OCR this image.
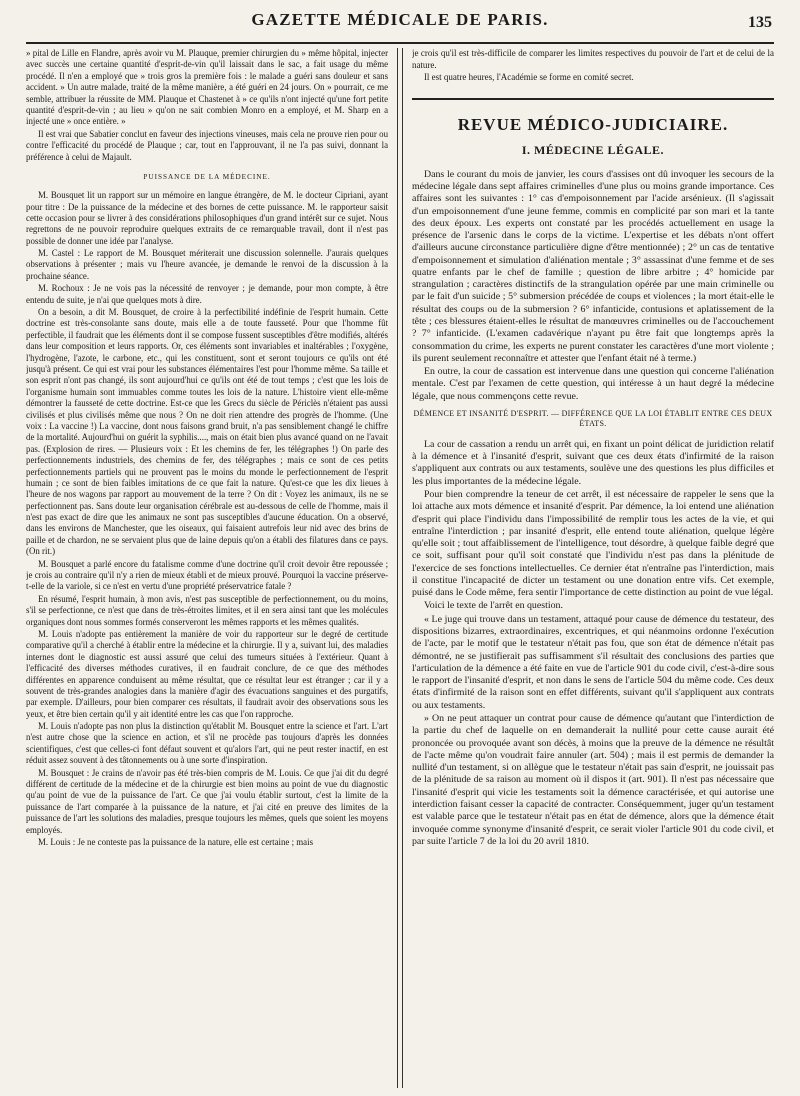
GAZETTE MÉDICALE DE PARIS.	135

» pital de Lille en Flandre, après avoir vu M. Plauque, premier chirurgien du » même hôpital, injecter avec succès une certaine quantité d'esprit-de-vin qu'il laissait dans le sac, a fait usage du même procédé. Il n'en a employé que » trois gros la première fois : le malade a guéri sans douleur et sans accident. » Un autre malade, traité de la même manière, a été guéri en 24 jours. On » pourrait, ce me semble, attribuer la réussite de MM. Plauque et Chastenet à » ce qu'ils n'ont injecté qu'une fort petite quantité d'esprit-de-vin ; au lieu » qu'on ne sait combien Monro en a employé, et M. Sharp en a injecté une » once entière. »

Il est vrai que Sabatier conclut en faveur des injections vineuses, mais cela ne prouve rien pour ou contre l'efficacité du procédé de Plauque ; car, tout en l'approuvant, il ne l'a pas suivi, donnant la préférence à celui de Majault.

PUISSANCE DE LA MÉDECINE.

M. Bousquet lit un rapport sur un mémoire en langue étrangère, de M. le docteur Cipriani, ayant pour titre : De la puissance de la médecine et des bornes de cette puissance. M. le rapporteur saisit cette occasion pour se livrer à des considérations philosophiques d'un grand intérêt sur ce sujet. Nous regrettons de ne pouvoir reproduire quelques extraits de ce remarquable travail, dont il n'est pas possible de donner une idée par l'analyse.

M. Castel : Le rapport de M. Bousquet mériterait une discussion solennelle. J'aurais quelques observations à présenter ; mais vu l'heure avancée, je demande le renvoi de la discussion à la prochaine séance.

M. Rochoux : Je ne vois pas la nécessité de renvoyer ; je demande, pour mon compte, à être entendu de suite, je n'ai que quelques mots à dire.

On a besoin, a dit M. Bousquet, de croire à la perfectibilité indéfinie de l'esprit humain. Cette doctrine est très-consolante sans doute, mais elle a de toute fausseté. Pour que l'homme fût perfectible, il faudrait que les éléments dont il se compose fussent susceptibles d'être modifiés, altérés dans leur composition et leurs rapports. Or, ces éléments sont invariables et inaltérables ; l'oxygène, l'hydrogène, l'azote, le carbone, etc., qui les constituent, sont et seront toujours ce qu'ils ont été jusqu'à présent. Ce qui est vrai pour les substances élémentaires l'est pour l'homme même. Sa taille et son esprit n'ont pas changé, ils sont aujourd'hui ce qu'ils ont été de tout temps ; c'est que les lois de l'organisme humain sont immuables comme toutes les lois de la nature. L'histoire vient elle-même démontrer la fausseté de cette doctrine. Est-ce que les Grecs du siècle de Périclès n'étaient pas aussi civilisés et plus civilisés même que nous ? On ne doit rien attendre des progrès de l'homme. (Une voix : La vaccine !) La vaccine, dont nous faisons grand bruit, n'a pas sensiblement changé le chiffre de la mortalité. Aujourd'hui on guérit la syphilis...., mais on était bien plus avancé quand on ne l'avait pas. (Explosion de rires. — Plusieurs voix : Et les chemins de fer, les télégraphes !) On parle des perfectionnements industriels, des chemins de fer, des télégraphes ; mais ce sont de ces petits perfectionnements partiels qui ne prouvent pas le moins du monde le perfectionnement de l'esprit humain ; ce sont de bien faibles imitations de ce que fait la nature. Qu'est-ce que les dix lieues à l'heure de nos wagons par rapport au mouvement de la terre ? On dit : Voyez les animaux, ils ne se perfectionnent pas. Sans doute leur organisation cérébrale est au-dessous de celle de l'homme, mais il n'est pas exact de dire que les animaux ne sont pas susceptibles d'aucune éducation. On a observé, dans les environs de Manchester, que les oiseaux, qui faisaient autrefois leur nid avec des brins de paille et de chardon, ne se servaient plus que de laine depuis qu'on a établi des filatures dans ce pays. (On rit.)

M. Bousquet a parlé encore du fatalisme comme d'une doctrine qu'il croit devoir être repoussée ; je crois au contraire qu'il n'y a rien de mieux établi et de mieux prouvé. Pourquoi la vaccine préserve-t-elle de la variole, si ce n'est en vertu d'une propriété préservatrice fatale ?

En résumé, l'esprit humain, à mon avis, n'est pas susceptible de perfectionnement, ou du moins, s'il se perfectionne, ce n'est que dans de très-étroites limites, et il en sera ainsi tant que les molécules organiques dont nous sommes formés conserveront les mêmes rapports et les mêmes qualités.

M. Louis n'adopte pas entièrement la manière de voir du rapporteur sur le degré de certitude comparative qu'il a cherché à établir entre la médecine et la chirurgie. Il y a, suivant lui, des maladies internes dont le diagnostic est aussi assuré que celui des tumeurs situées à l'extérieur. Quant à l'efficacité des diverses méthodes curatives, il en faudrait conclure, de ce que des méthodes différentes en apparence conduisent au même résultat, que ce résultat leur est étranger ; car il y a souvent de très-grandes analogies dans la manière d'agir des évacuations sanguines et des purgatifs, par exemple. D'ailleurs, pour bien comparer ces résultats, il faudrait avoir des observations sous les yeux, et être bien certain qu'il y ait identité entre les cas que l'on rapproche.

M. Louis n'adopte pas non plus la distinction qu'établit M. Bousquet entre la science et l'art. L'art n'est autre chose que la science en action, et s'il ne procède pas toujours d'après les données scientifiques, c'est que celles-ci font défaut souvent et qu'alors l'art, qui ne peut rester inactif, en est réduit assez souvent à des tâtonnements ou à une sorte d'inspiration.

M. Bousquet : Je crains de n'avoir pas été très-bien compris de M. Louis. Ce que j'ai dit du degré différent de certitude de la médecine et de la chirurgie est bien moins au point de vue du diagnostic qu'au point de vue de la puissance de l'art. Ce que j'ai voulu établir surtout, c'est la limite de la puissance de l'art comparée à la puissance de la nature, et j'ai cité en preuve des limites de la puissance de l'art les solutions des maladies, presque toujours les mêmes, quels que soient les moyens employés.

M. Louis : Je ne conteste pas la puissance de la nature, elle est certaine ; mais

je crois qu'il est très-difficile de comparer les limites respectives du pouvoir de l'art et de celui de la nature.

Il est quatre heures, l'Académie se forme en comité secret.

REVUE MÉDICO-JUDICIAIRE.
I. MÉDECINE LÉGALE.

Dans le courant du mois de janvier, les cours d'assises ont dû invoquer les secours de la médecine légale dans sept affaires criminelles d'une plus ou moins grande importance. Ces affaires sont les suivantes : 1° cas d'empoisonnement par l'acide arsénieux. (Il s'agissait d'un empoisonnement d'une jeune femme, commis en complicité par son mari et la tante des deux époux. Les experts ont constaté par les procédés actuellement en usage la présence de l'arsenic dans le corps de la victime. L'expertise et les débats n'ont offert d'ailleurs aucune circonstance particulière digne d'être mentionnée) ; 2° un cas de tentative d'empoisonnement et simulation d'aliénation mentale ; 3° assassinat d'une femme et de ses quatre enfants par le chef de famille ; question de libre arbitre ; 4° homicide par strangulation ; caractères distinctifs de la strangulation opérée par une main criminelle ou par le fait d'un suicide ; 5° submersion précédée de coups et violences ; la mort était-elle le résultat des coups ou de la submersion ? 6° infanticide, contusions et aplatissement de la tête ; ces blessures étaient-elles le résultat de manœuvres criminelles ou de l'accouchement ? 7° infanticide. (L'examen cadavérique n'ayant pu être fait que longtemps après la consommation du crime, les experts ne purent constater les caractères d'une mort violente ; ils purent seulement reconnaître et attester que l'enfant était né à terme.)

En outre, la cour de cassation est intervenue dans une question qui concerne l'aliénation mentale. C'est par l'examen de cette question, qui intéresse à un haut degré la médecine légale, que nous commençons cette revue.

DÉMENCE ET INSANITÉ D'ESPRIT. — DIFFÉRENCE QUE LA LOI ÉTABLIT ENTRE CES DEUX ÉTATS.

La cour de cassation a rendu un arrêt qui, en fixant un point délicat de juridiction relatif à la démence et à l'insanité d'esprit, suivant que ces deux états d'infirmité de la raison s'appliquent aux contrats ou aux testaments, soulève une des questions les plus difficiles et les plus importantes de la médecine légale.

Pour bien comprendre la teneur de cet arrêt, il est nécessaire de rappeler le sens que la loi attache aux mots démence et insanité d'esprit. Par démence, la loi entend une aliénation d'esprit qui place l'individu dans l'impossibilité de remplir tous les actes de la vie, et qui entraîne l'interdiction ; par insanité d'esprit, elle entend toute aliénation, quelque légère qu'elle soit ; tout affaiblissement de l'intelligence, tout désordre, à quelque faible degré que ce soit, suffisant pour qu'il soit constaté que l'individu n'est pas dans la plénitude de l'exercice de ses fonctions intellectuelles. Ce dernier état n'entraîne pas l'interdiction, mais il constitue l'incapacité de dicter un testament ou une donation entre vifs. Cet exemple, puisé dans le Code même, fera sentir l'importance de cette distinction au point de vue légal.

Voici le texte de l'arrêt en question.

« Le juge qui trouve dans un testament, attaqué pour cause de démence du testateur, des dispositions bizarres, extraordinaires, excentriques, et qui néanmoins ordonne l'exécution de l'acte, par le motif que le testateur n'était pas fou, que son état de démence n'était pas démontré, ne se justifierait pas suffisamment s'il résultait des conclusions des parties que l'articulation de la démence a été faite en vue de l'article 901 du code civil, c'est-à-dire sous le rapport de l'insanité d'esprit, et non dans le sens de l'article 504 du même code. Ces deux états d'infirmité de la raison sont en effet différents, suivant qu'il s'appliquent aux contrats ou aux testaments.

» On ne peut attaquer un contrat pour cause de démence qu'autant que l'interdiction de la partie du chef de laquelle on en demanderait la nullité pour cette cause aurait été prononcée ou provoquée avant son décès, à moins que la preuve de la démence ne résultât de l'acte même qu'on voudrait faire annuler (art. 504) ; mais il est permis de demander la nullité d'un testament, si on allègue que le testateur n'était pas sain d'esprit, ne jouissait pas de la plénitude de sa raison au moment où il dispos it (art. 901). Il n'est pas nécessaire que l'insanité d'esprit qui vicie les testaments soit la démence caractérisée, et qui autorise une interdiction faisant cesser la capacité de contracter. Conséquemment, juger qu'un testament est valable parce que le testateur n'était pas en état de démence, alors que la démence était invoquée comme synonyme d'insanité d'esprit, ce serait violer l'article 901 du code civil, et par suite l'article 7 de la loi du 20 avril 1810.
